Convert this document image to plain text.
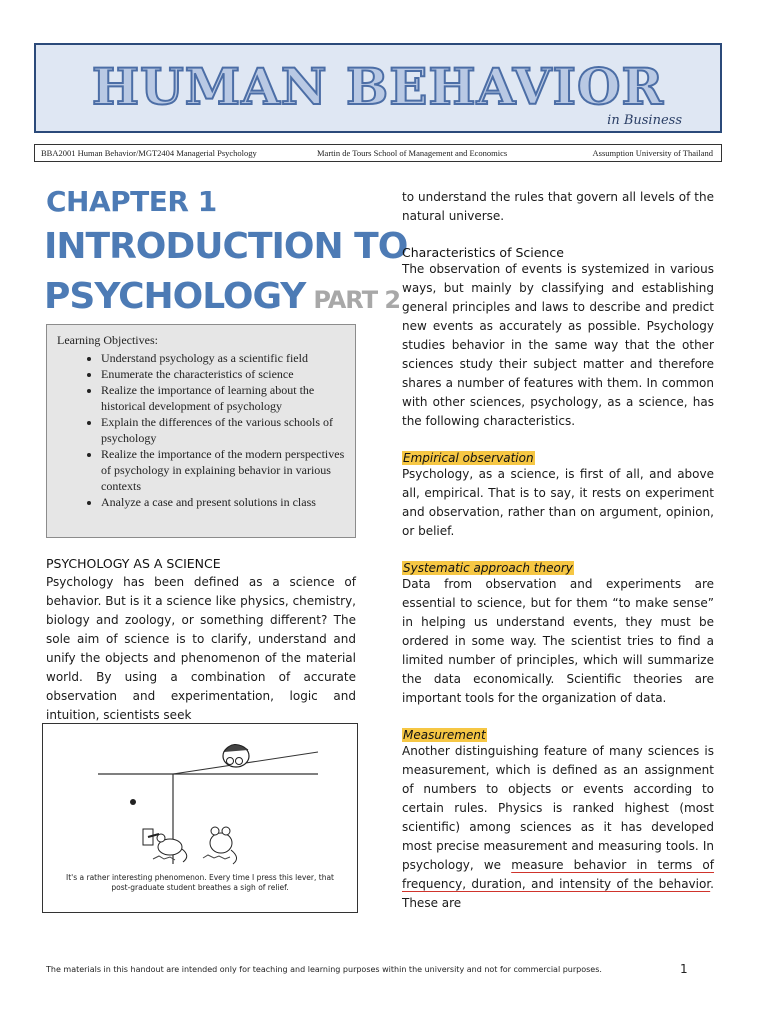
HUMAN BEHAVIOR
in Business
BBA2001 Human Behavior/MGT2404 Managerial Psychology	Martin de Tours School of Management and Economics	Assumption University of Thailand
CHAPTER 1
INTRODUCTION TO
PSYCHOLOGY PART 2
Learning Objectives:
• Understand psychology as a scientific field
• Enumerate the characteristics of science
• Realize the importance of learning about the historical development of psychology
• Explain the differences of the various schools of psychology
• Realize the importance of the modern perspectives of psychology in explaining behavior in various contexts
• Analyze a case and present solutions in class
PSYCHOLOGY AS A SCIENCE

Psychology has been defined as a science of behavior. But is it a science like physics, chemistry, biology and zoology, or something different? The sole aim of science is to clarify, understand and unify the objects and phenomenon of the material world. By using a combination of accurate observation and experimentation, logic and intuition, scientists seek

It's a rather interesting phenomenon. Every time I press this lever, that post-graduate student breathes a sigh of relief.

to understand the rules that govern all levels of the natural universe.

Characteristics of Science

The observation of events is systemized in various ways, but mainly by classifying and establishing general principles and laws to describe and predict new events as accurately as possible. Psychology studies behavior in the same way that the other sciences study their subject matter and therefore shares a number of features with them. In common with other sciences, psychology, as a science, has the following characteristics.

Empirical observation

Psychology, as a science, is first of all, and above all, empirical. That is to say, it rests on experiment and observation, rather than on argument, opinion, or belief.

Systematic approach theory

Data from observation and experiments are essential to science, but for them “to make sense” in helping us understand events, they must be ordered in some way. The scientist tries to find a limited number of principles, which will summarize the data economically. Scientific theories are important tools for the organization of data.

Measurement

Another distinguishing feature of many sciences is measurement, which is defined as an assignment of numbers to objects or events according to certain rules. Physics is ranked highest (most scientific) among sciences as it has developed most precise measurement and measuring tools. In psychology, we measure behavior in terms of frequency, duration, and intensity of the behavior. These are

The materials in this handout are intended only for teaching and learning purposes within the university and not for commercial purposes.	1
